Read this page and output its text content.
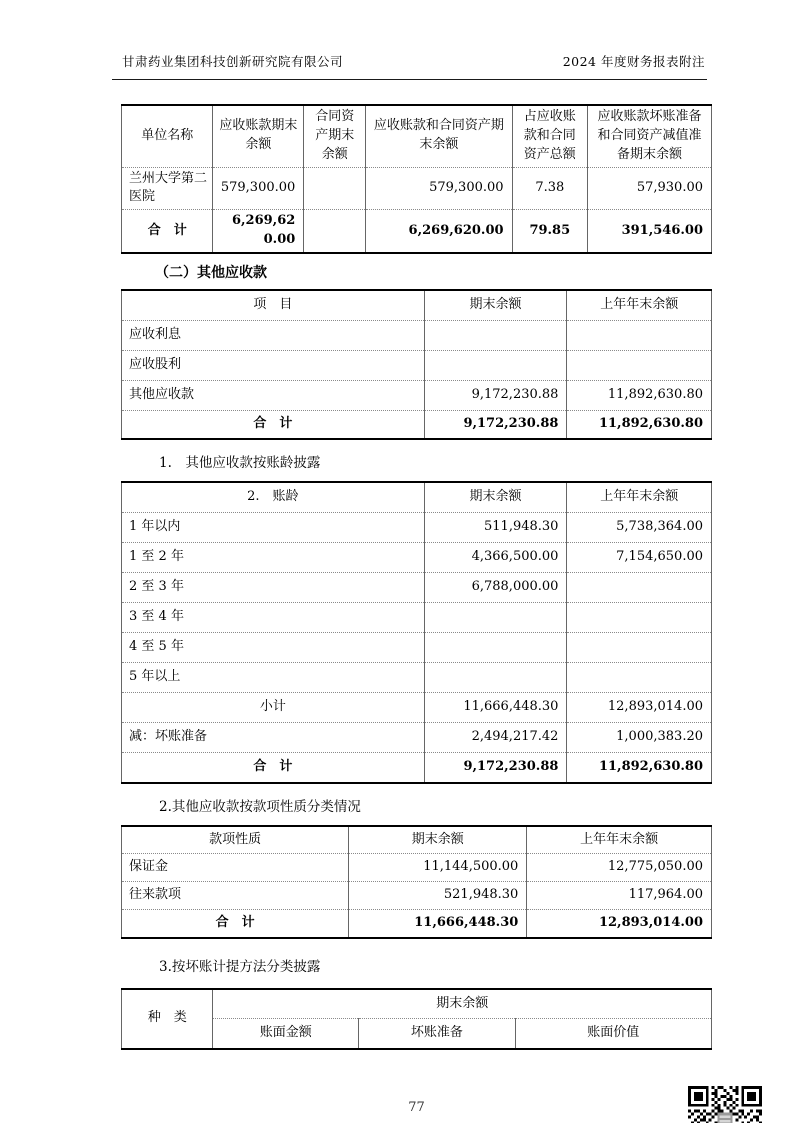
甘肃药业集团科技创新研究院有限公司	2024 年度财务报表附注
单位名称	应收账款期末余额	合同资产期末余额	应收账款和合同资产期末余额	占应收账款和合同资产总额	应收账款坏账准备和合同资产减值准备期末余额
兰州大学第二医院	579,300.00		579,300.00	7.38	57,930.00
合　计	6,269,620.00		6,269,620.00	79.85	391,546.00
（二）其他应收款
项　目	期末余额	上年年末余额
应收利息		
应收股利		
其他应收款	9,172,230.88	11,892,630.80
合　计	9,172,230.88	11,892,630.80
1.　其他应收款按账龄披露
2.　账龄	期末余额	上年年末余额
1 年以内	511,948.30	5,738,364.00
1 至 2 年	4,366,500.00	7,154,650.00
2 至 3 年	6,788,000.00	
3 至 4 年		
4 至 5 年		
5 年以上		
小计	11,666,448.30	12,893,014.00
减：坏账准备	2,494,217.42	1,000,383.20
合　计	9,172,230.88	11,892,630.80
2.其他应收款按款项性质分类情况
款项性质	期末余额	上年年末余额
保证金	11,144,500.00	12,775,050.00
往来款项	521,948.30	117,964.00
合　计	11,666,448.30	12,893,014.00
3.按坏账计提方法分类披露
种　类	期末余额		
	账面金额	坏账准备	账面价值
77
